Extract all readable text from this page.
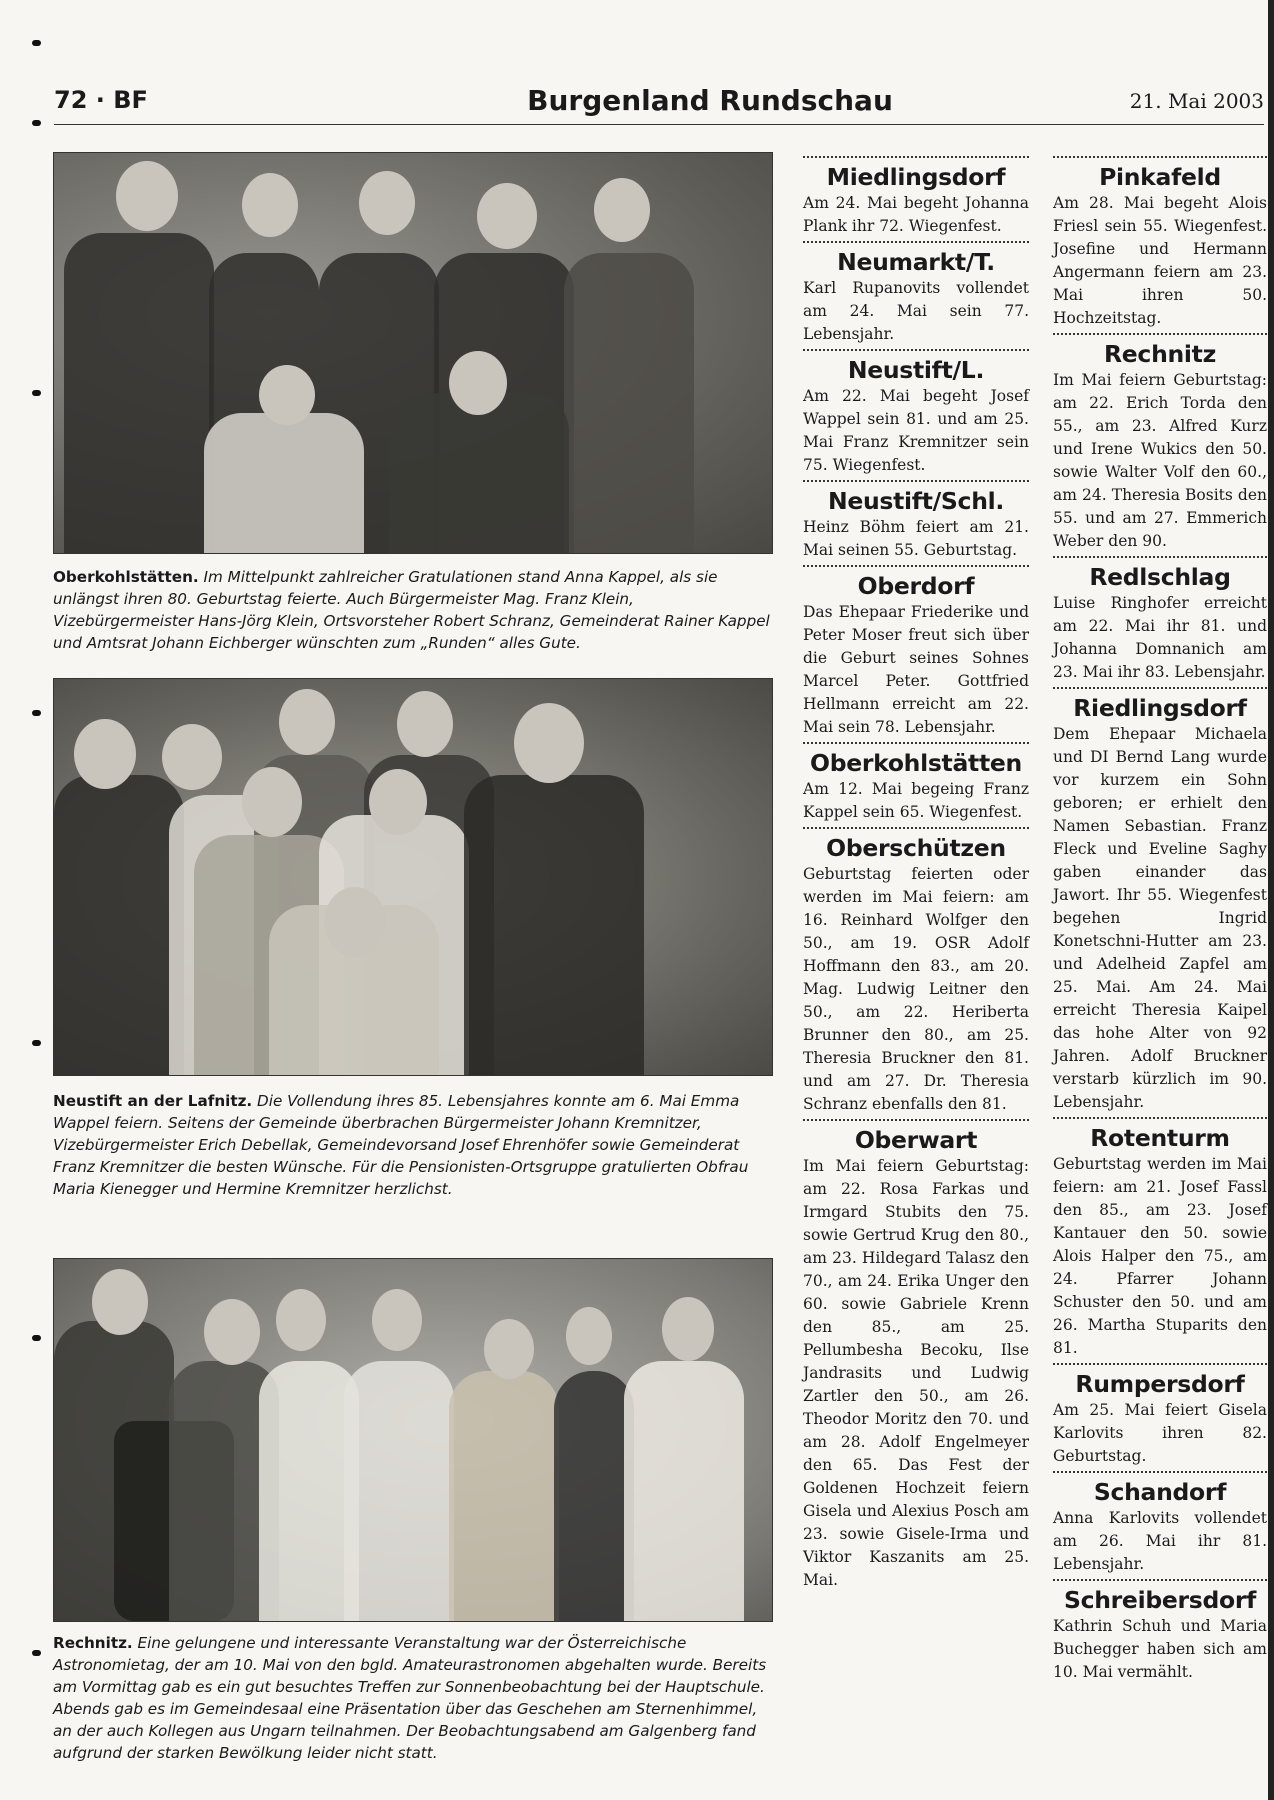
72 · BF	Burgenland Rundschau	21. Mai 2003
Oberkohlstätten. Im Mittelpunkt zahlreicher Gratulationen stand Anna Kappel, als sie unlängst ihren 80. Geburtstag feierte. Auch Bürgermeister Mag. Franz Klein, Vizebürgermeister Hans-Jörg Klein, Ortsvorsteher Robert Schranz, Gemeinderat Rainer Kappel und Amtsrat Johann Eichberger wünschten zum „Runden“ alles Gute.
Neustift an der Lafnitz. Die Vollendung ihres 85. Lebensjahres konnte am 6. Mai Emma Wappel feiern. Seitens der Gemeinde überbrachen Bürgermeister Johann Kremnitzer, Vizebürgermeister Erich Debellak, Gemeindevorsand Josef Ehrenhöfer sowie Gemeinderat Franz Kremnitzer die besten Wünsche. Für die Pensionisten-Ortsgruppe gratulierten Obfrau Maria Kienegger und Hermine Kremnitzer herzlichst.
Rechnitz. Eine gelungene und interessante Veranstaltung war der Österreichische Astronomietag, der am 10. Mai von den bgld. Amateurastronomen abgehalten wurde. Bereits am Vormittag gab es ein gut besuchtes Treffen zur Sonnenbeobachtung bei der Hauptschule. Abends gab es im Gemeindesaal eine Präsentation über das Geschehen am Sternenhimmel, an der auch Kollegen aus Ungarn teilnahmen. Der Beobachtungsabend am Galgenberg fand aufgrund der starken Bewölkung leider nicht statt.
Miedlingsdorf

Am 24. Mai begeht Johanna Plank ihr 72. Wiegenfest.

Neumarkt/T.

Karl Rupanovits vollendet am 24. Mai sein 77. Lebensjahr.

Neustift/L.

Am 22. Mai begeht Josef Wappel sein 81. und am 25. Mai Franz Kremnitzer sein 75. Wiegenfest.

Neustift/Schl.

Heinz Böhm feiert am 21. Mai seinen 55. Geburtstag.

Oberdorf

Das Ehepaar Friederike und Peter Moser freut sich über die Geburt seines Sohnes Marcel Peter. Gottfried Hellmann erreicht am 22. Mai sein 78. Lebensjahr.

Oberkohlstätten

Am 12. Mai begeing Franz Kappel sein 65. Wiegenfest.

Oberschützen

Geburtstag feierten oder werden im Mai feiern: am 16. Reinhard Wolfger den 50., am 19. OSR Adolf Hoffmann den 83., am 20. Mag. Ludwig Leitner den 50., am 22. Heriberta Brunner den 80., am 25. Theresia Bruckner den 81. und am 27. Dr. Theresia Schranz ebenfalls den 81.

Oberwart

Im Mai feiern Geburtstag: am 22. Rosa Farkas und Irmgard Stubits den 75. sowie Gertrud Krug den 80., am 23. Hildegard Talasz den 70., am 24. Erika Unger den 60. sowie Gabriele Krenn den 85., am 25. Pellumbesha Becoku, Ilse Jandrasits und Ludwig Zartler den 50., am 26. Theodor Moritz den 70. und am 28. Adolf Engelmeyer den 65. Das Fest der Goldenen Hochzeit feiern Gisela und Alexius Posch am 23. sowie Gisele-Irma und Viktor Kaszanits am 25. Mai.

Pinkafeld

Am 28. Mai begeht Alois Friesl sein 55. Wiegenfest. Josefine und Hermann Angermann feiern am 23. Mai ihren 50. Hochzeitstag.

Rechnitz

Im Mai feiern Geburtstag: am 22. Erich Torda den 55., am 23. Alfred Kurz und Irene Wukics den 50. sowie Walter Volf den 60., am 24. Theresia Bosits den 55. und am 27. Emmerich Weber den 90.

Redlschlag

Luise Ringhofer erreicht am 22. Mai ihr 81. und Johanna Domnanich am 23. Mai ihr 83. Lebensjahr.

Riedlingsdorf

Dem Ehepaar Michaela und DI Bernd Lang wurde vor kurzem ein Sohn geboren; er erhielt den Namen Sebastian. Franz Fleck und Eveline Saghy gaben einander das Jawort. Ihr 55. Wiegenfest begehen Ingrid Konetschni-Hutter am 23. und Adelheid Zapfel am 25. Mai. Am 24. Mai erreicht Theresia Kaipel das hohe Alter von 92 Jahren. Adolf Bruckner verstarb kürzlich im 90. Lebensjahr.

Rotenturm

Geburtstag werden im Mai feiern: am 21. Josef Fassl den 85., am 23. Josef Kantauer den 50. sowie Alois Halper den 75., am 24. Pfarrer Johann Schuster den 50. und am 26. Martha Stuparits den 81.

Rumpersdorf

Am 25. Mai feiert Gisela Karlovits ihren 82. Geburtstag.

Schandorf

Anna Karlovits vollendet am 26. Mai ihr 81. Lebensjahr.

Schreibersdorf

Kathrin Schuh und Maria Buchegger haben sich am 10. Mai vermählt.
